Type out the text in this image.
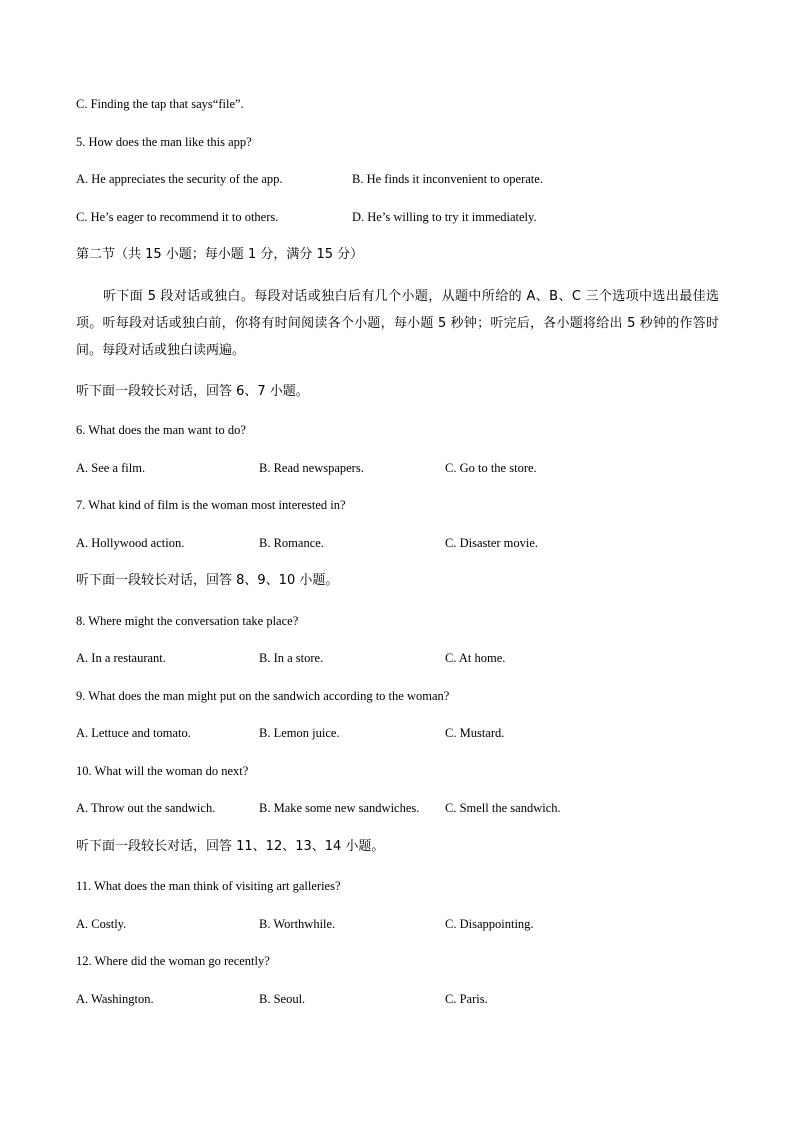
C. Finding the tap that says“file”.
5. How does the man like this app?
A. He appreciates the security of the app.	B. He finds it inconvenient to operate.
C. He’s eager to recommend it to others.	D. He’s willing to try it immediately.
第二节（共 15 小题；每小题 1 分，满分 15 分）
听下面 5 段对话或独白。每段对话或独白后有几个小题，从题中所给的 A、B、C 三个选项中选出最佳选项。听每段对话或独白前，你将有时间阅读各个小题，每小题 5 秒钟；听完后，各小题将给出 5 秒钟的作答时间。每段对话或独白读两遍。
听下面一段较长对话，回答 6、7 小题。
6. What does the man want to do?
A. See a film.	B. Read newspapers.	C. Go to the store.
7. What kind of film is the woman most interested in?
A. Hollywood action.	B. Romance.	C. Disaster movie.
听下面一段较长对话，回答 8、9、10 小题。
8. Where might the conversation take place?
A. In a restaurant.	B. In a store.	C. At home.
9. What does the man might put on the sandwich according to the woman?
A. Lettuce and tomato.	B. Lemon juice.	C. Mustard.
10. What will the woman do next?
A. Throw out the sandwich.	B. Make some new sandwiches. C. Smell the sandwich.
听下面一段较长对话，回答 11、12、13、14 小题。
11. What does the man think of visiting art galleries?
A. Costly.	B. Worthwhile.	C. Disappointing.
12. Where did the woman go recently?
A. Washington.	B. Seoul.	C. Paris.
